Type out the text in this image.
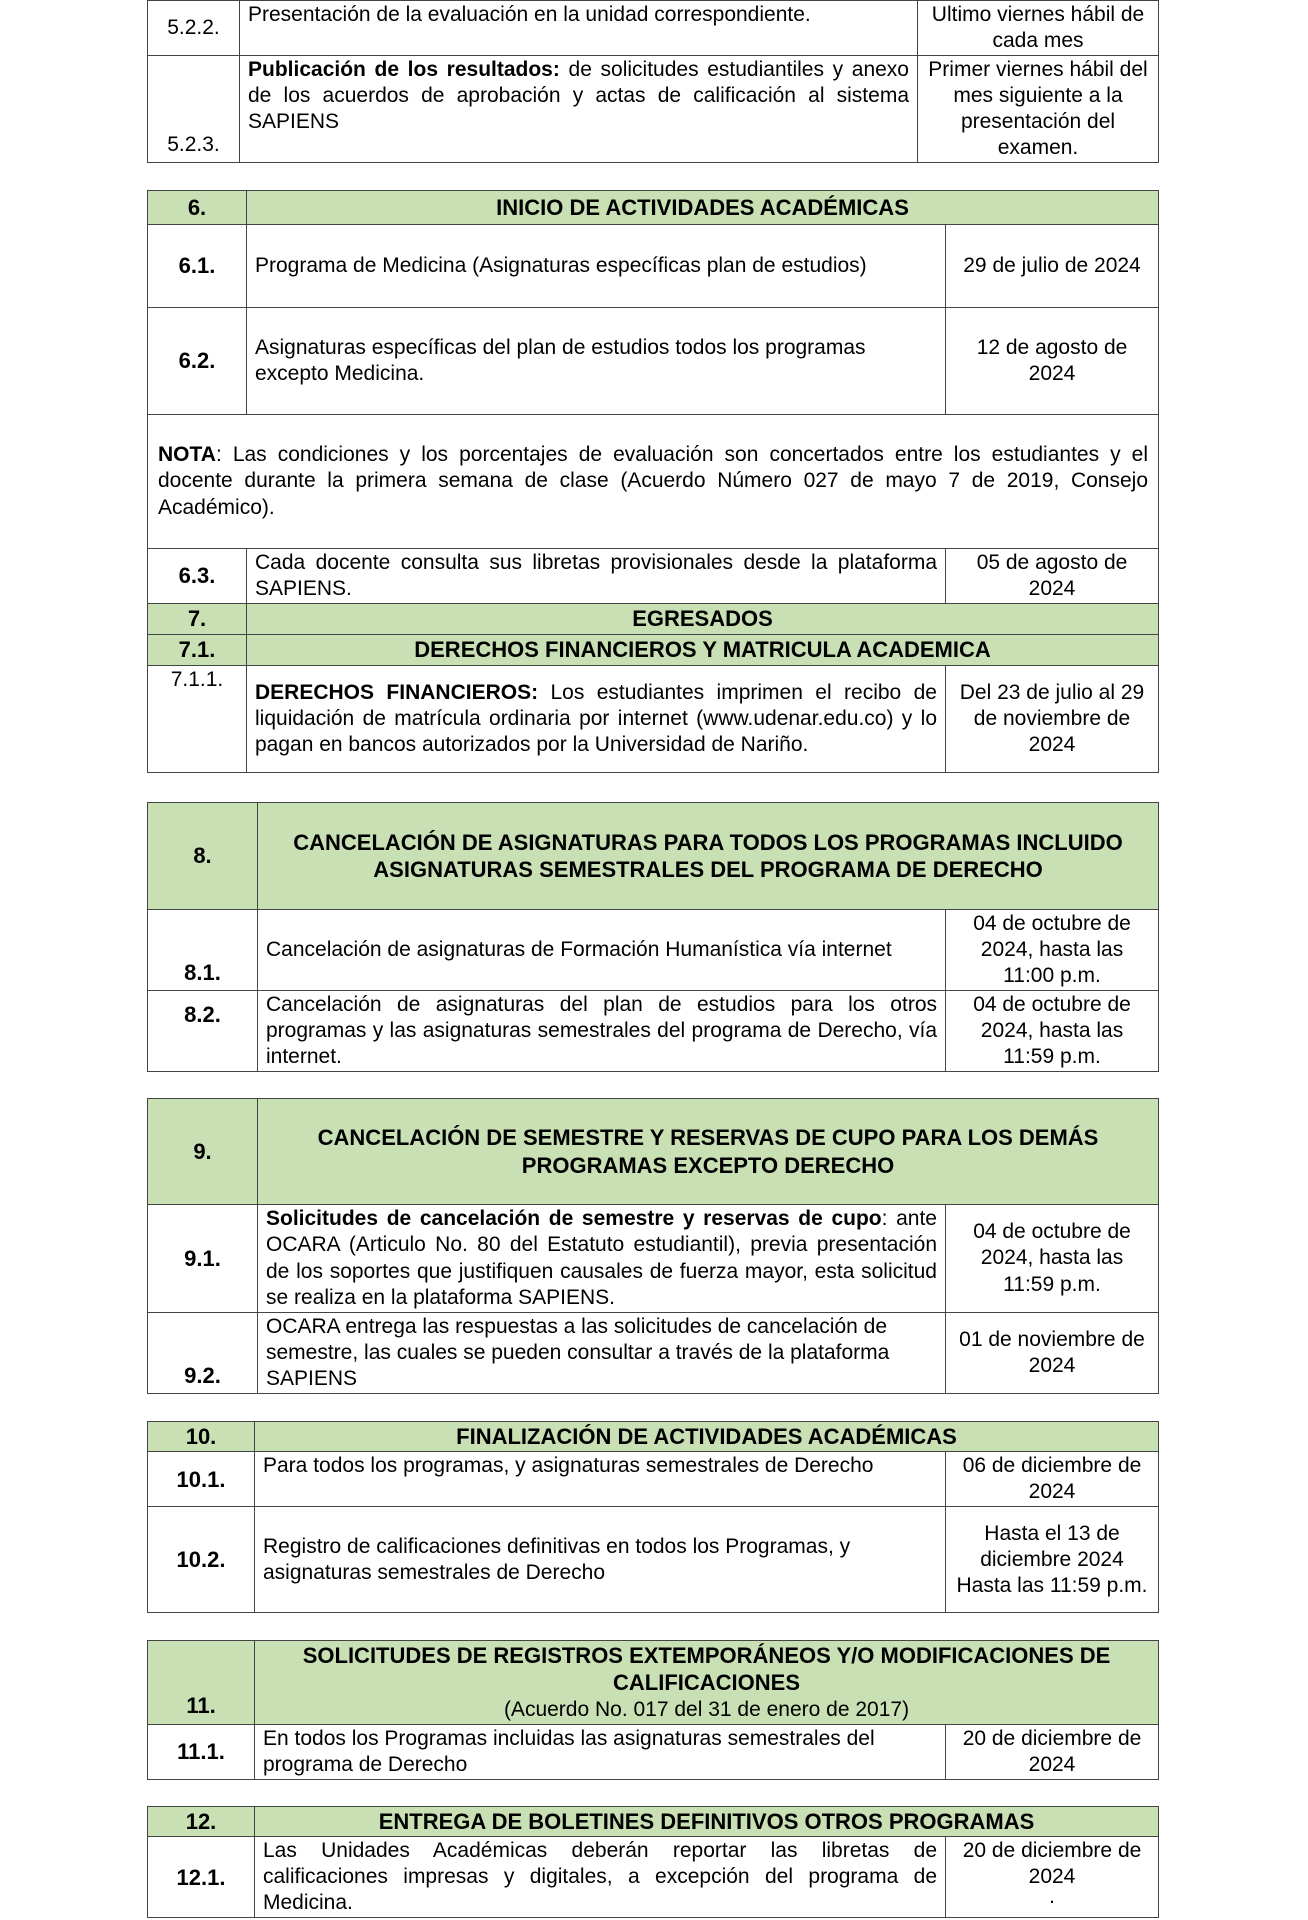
5.2.2.	Presentación de la evaluación en la unidad correspondiente.	Ultimo viernes hábil de cada mes
5.2.3.	Publicación de los resultados: de solicitudes estudiantiles y anexo de los acuerdos de aprobación y actas de calificación al sistema SAPIENS	Primer viernes hábil del mes siguiente a la presentación del examen.
6.	INICIO DE ACTIVIDADES ACADÉMICAS	
6.1.	Programa de Medicina (Asignaturas específicas plan de estudios)	29 de julio de 2024
6.2.	Asignaturas específicas del plan de estudios todos los programas excepto Medicina.	12 de agosto de 2024
NOTA: Las condiciones y los porcentajes de evaluación son concertados entre los estudiantes y el docente durante la primera semana de clase (Acuerdo Número 027 de mayo 7 de 2019, Consejo Académico).		
6.3.	Cada docente consulta sus libretas provisionales desde la plataforma SAPIENS.	05 de agosto de 2024
7.	EGRESADOS	
7.1.	DERECHOS FINANCIEROS Y MATRICULA ACADEMICA	
7.1.1.	DERECHOS FINANCIEROS: Los estudiantes imprimen el recibo de liquidación de matrícula ordinaria por internet (www.udenar.edu.co) y lo pagan en bancos autorizados por la Universidad de Nariño.	Del 23 de julio al 29 de noviembre de 2024
8.	CANCELACIÓN DE ASIGNATURAS PARA TODOS LOS PROGRAMAS INCLUIDO ASIGNATURAS SEMESTRALES DEL PROGRAMA DE DERECHO	
8.1.	Cancelación de asignaturas de Formación Humanística vía internet	04 de octubre de 2024, hasta las 11:00 p.m.
8.2.	Cancelación de asignaturas del plan de estudios para los otros programas y las asignaturas semestrales del programa de Derecho, vía internet.	04 de octubre de 2024, hasta las 11:59 p.m.
9.	CANCELACIÓN DE SEMESTRE Y RESERVAS DE CUPO PARA LOS DEMÁS PROGRAMAS EXCEPTO DERECHO	
9.1.	Solicitudes de cancelación de semestre y reservas de cupo: ante OCARA (Articulo No. 80 del Estatuto estudiantil), previa presentación de los soportes que justifiquen causales de fuerza mayor, esta solicitud se realiza en la plataforma SAPIENS.	04 de octubre de 2024, hasta las 11:59 p.m.
9.2.	OCARA entrega las respuestas a las solicitudes de cancelación de semestre, las cuales se pueden consultar a través de la plataforma SAPIENS	01 de noviembre de 2024
10.	FINALIZACIÓN DE ACTIVIDADES ACADÉMICAS	
10.1.	Para todos los programas, y asignaturas semestrales de Derecho	06 de diciembre de 2024
10.2.	Registro de calificaciones definitivas en todos los Programas, y asignaturas semestrales de Derecho	Hasta el 13 de diciembre 2024 Hasta las 11:59 p.m.
11.	SOLICITUDES DE REGISTROS EXTEMPORÁNEOS Y/O MODIFICACIONES DE CALIFICACIONES
(Acuerdo No. 017 del 31 de enero de 2017)	

11.1.	En todos los Programas incluidas las asignaturas semestrales del programa de Derecho	20 de diciembre de 2024
12.	ENTREGA DE BOLETINES DEFINITIVOS OTROS PROGRAMAS	
12.1.	Las Unidades Académicas deberán reportar las libretas de calificaciones impresas y digitales, a excepción del programa de Medicina.	20 de diciembre de 2024
.
